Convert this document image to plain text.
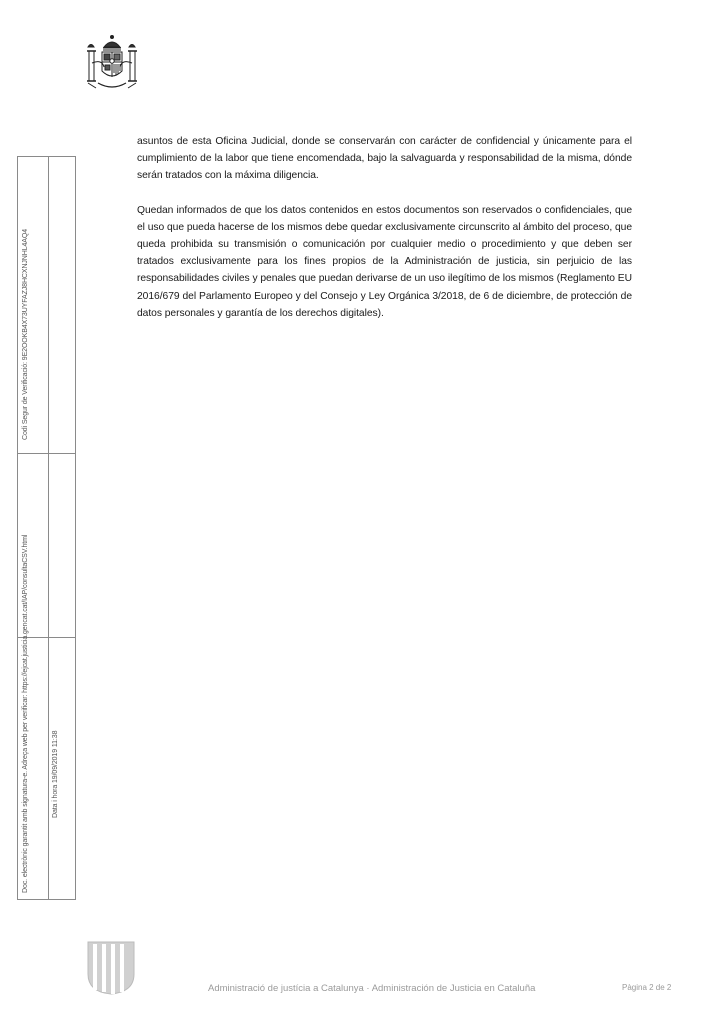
asuntos de esta Oficina Judicial, donde se conservarán con carácter de confidencial y únicamente para el cumplimiento de la labor que tiene encomendada, bajo la salvaguarda y responsabilidad de la misma, dónde serán tratados con la máxima diligencia.

Quedan informados de que los datos contenidos en estos documentos son reservados o confidenciales, que el uso que pueda hacerse de los mismos debe quedar exclusivamente circunscrito al ámbito del proceso, que queda prohibida su transmisión o comunicación por cualquier medio o procedimiento y que deben ser tratados exclusivamente para los fines propios de la Administración de justicia, sin perjuicio de las responsabilidades civiles y penales que puedan derivarse de un uso ilegítimo de los mismos (Reglamento EU 2016/679 del Parlamento Europeo y del Consejo y Ley Orgánica 3/2018, de 6 de diciembre, de protección de datos personales y garantía de los derechos digitales).

Codi Segur de Verificació: 9E2OOKB4X73UYFAZJ8HCXNJNHL4AQ4
Doc. electrònic garantit amb signatura-e. Adreça web per verificar: https://ejcat.justicia.gencat.cat/IAP/consultaCSV.html	Data i hora 19/09/2019 11:38
Administració de justícia a Catalunya · Administración de Justicia en Cataluña	Pàgina 2 de 2
